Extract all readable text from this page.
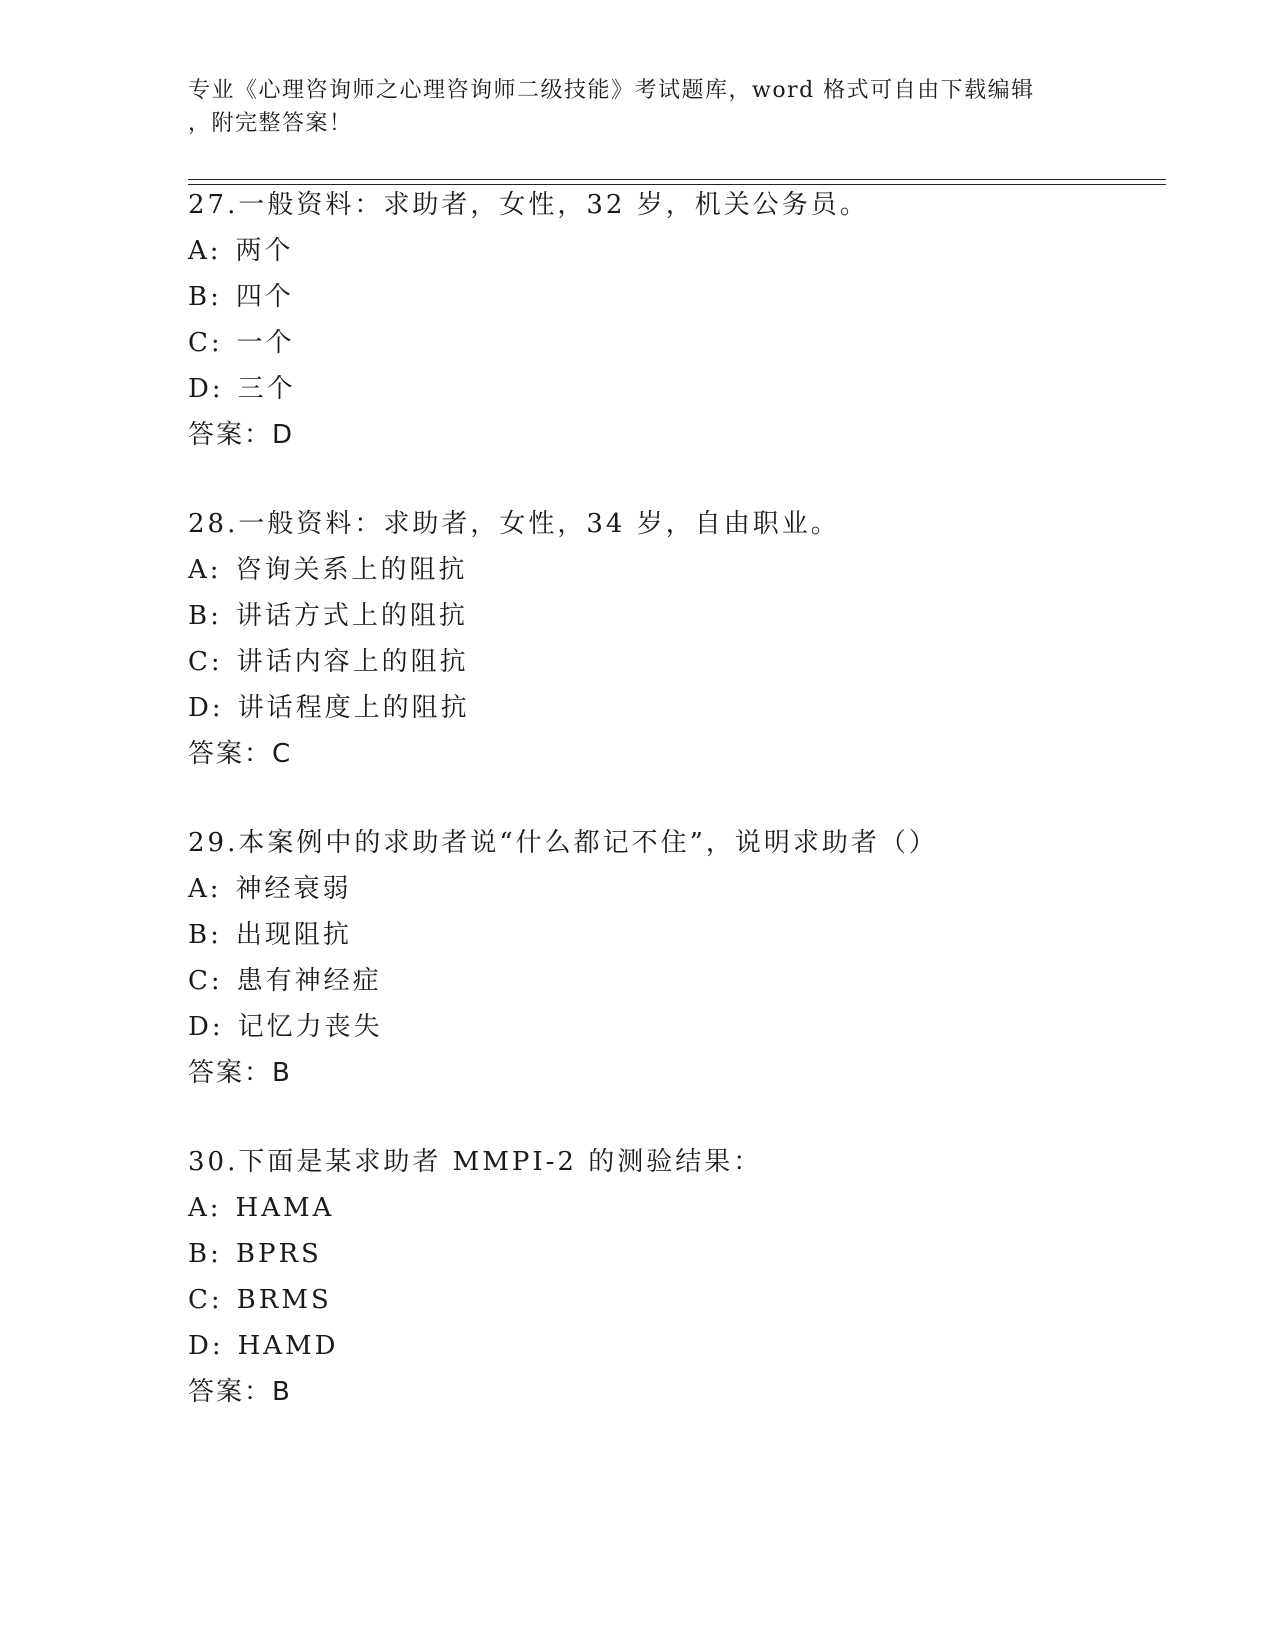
专业《心理咨询师之心理咨询师二级技能》考试题库，word 格式可自由下载编辑
，附完整答案！
27.一般资料：求助者，女性，32 岁，机关公务员。
A: 两个
B: 四个
C: 一个
D: 三个
答案：D
28.一般资料：求助者，女性，34 岁，自由职业。
A: 咨询关系上的阻抗
B: 讲话方式上的阻抗
C: 讲话内容上的阻抗
D: 讲话程度上的阻抗
答案：C
29.本案例中的求助者说“什么都记不住”，说明求助者（）
A: 神经衰弱
B: 出现阻抗
C: 患有神经症
D: 记忆力丧失
答案：B
30.下面是某求助者 MMPI-2 的测验结果：
A: HAMA
B: BPRS
C: BRMS
D: HAMD
答案：B
